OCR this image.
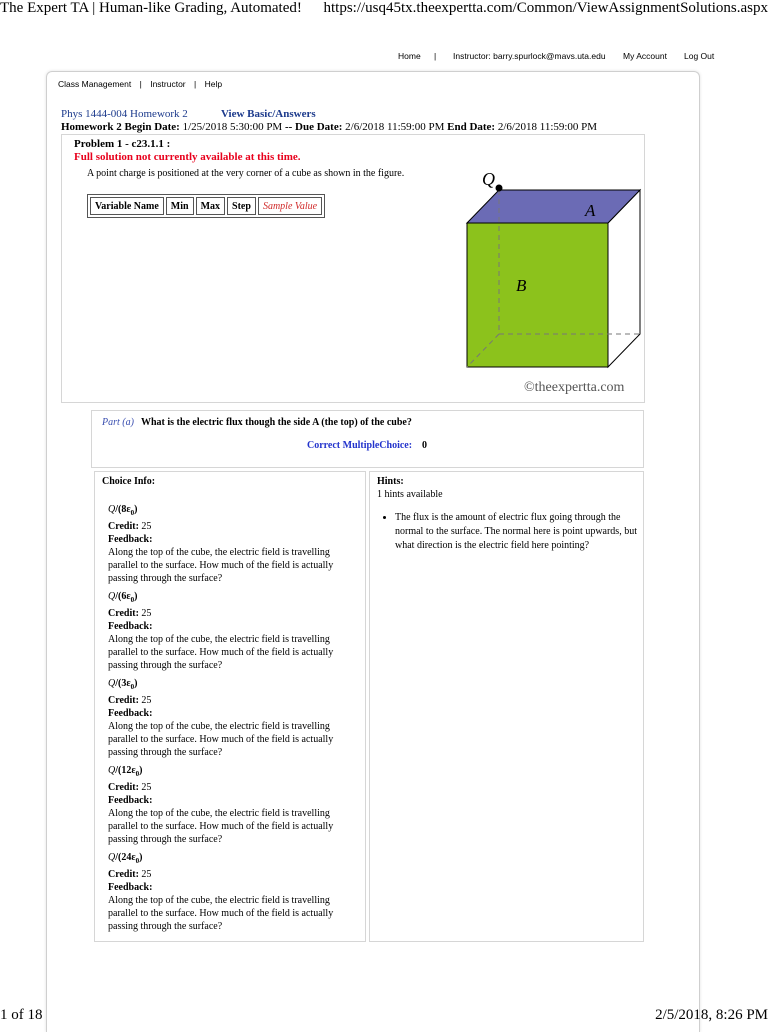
The Expert TA | Human-like Grading, Automated! https://usq45tx.theexpertta.com/Common/ViewAssignmentSolutions.aspx
Home | Instructor: barry.spurlock@mavs.uta.edu My Account Log Out
Class Management | Instructor | Help
Phys 1444-004 Homework 2	View Basic/Answers
Homework 2 Begin Date: 1/25/2018 5:30:00 PM -- Due Date: 2/6/2018 11:59:00 PM End Date: 2/6/2018 11:59:00 PM
Problem 1 - c23.1.1 :
Full solution not currently available at this time.
A point charge is positioned at the very corner of a cube as shown in the figure.
Variable Name	Min	Max	Step	Sample Value
Q
A
B
©theexpertta.com
Part (a) What is the electric flux though the side A (the top) of the cube?
Correct MultipleChoice: 0
Choice Info:	Hints:
1 hints available
• The flux is the amount of electric flux going through the normal to the surface. The normal here is point upwards, but what direction is the electric field here pointing?
$Q/(8\varepsilon_0)$
Credit: 25
Feedback:
Along the top of the cube, the electric field is travelling parallel to the surface. How much of the field is actually passing through the surface?
$Q/(6\varepsilon_0)$
Credit: 25
Feedback:
Along the top of the cube, the electric field is travelling parallel to the surface. How much of the field is actually passing through the surface?
$Q/(3\varepsilon_0)$
Credit: 25
Feedback:
Along the top of the cube, the electric field is travelling parallel to the surface. How much of the field is actually passing through the surface?
$Q/(12\varepsilon_0)$
Credit: 25
Feedback:
Along the top of the cube, the electric field is travelling parallel to the surface. How much of the field is actually passing through the surface?
$Q/(24\varepsilon_0)$
Credit: 25
Feedback:
Along the top of the cube, the electric field is travelling parallel to the surface. How much of the field is actually passing through the surface?
1 of 18	2/5/2018, 8:26 PM
